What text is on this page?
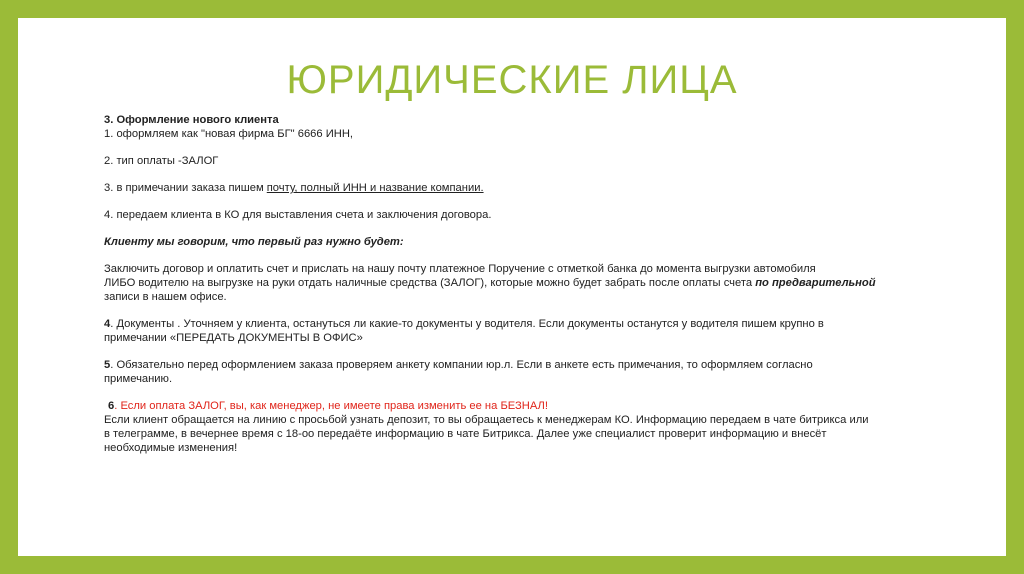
ЮРИДИЧЕСКИЕ ЛИЦА

3. Оформление нового клиента

1. оформляем как "новая фирма БГ" 6666 ИНН,

2. тип оплаты -ЗАЛОГ

3. в примечании заказа пишем почту, полный ИНН и название компании.

4. передаем клиента в КО для выставления счета и заключения договора.

Клиенту мы говорим, что первый раз нужно будет:

Заключить договор и оплатить счет и прислать на нашу почту платежное Поручение с отметкой банка до момента выгрузки автомобиля

ЛИБО водителю на выгрузке на руки отдать наличные средства (ЗАЛОГ), которые можно будет забрать после оплаты счета по предварительной

записи в нашем офисе.

4. Документы . Уточняем у клиента, остануться ли какие-то документы у водителя. Если документы останутся у водителя пишем крупно в

примечании «ПЕРЕДАТЬ ДОКУМЕНТЫ В ОФИС»

5. Обязательно перед оформлением заказа проверяем анкету компании юр.л. Если в анкете есть примечания, то оформляем согласно

примечанию.

6. Если оплата ЗАЛОГ, вы, как менеджер, не имеете права изменить ее на БЕЗНАЛ!

Если клиент обращается на линию с просьбой узнать депозит, то вы обращаетесь к менеджерам КО. Информацию передаем в чате битрикса или

в телеграмме, в вечернее время с 18-оо передаёте информацию в чате Битрикса. Далее уже специалист проверит информацию и внесёт

необходимые изменения!
